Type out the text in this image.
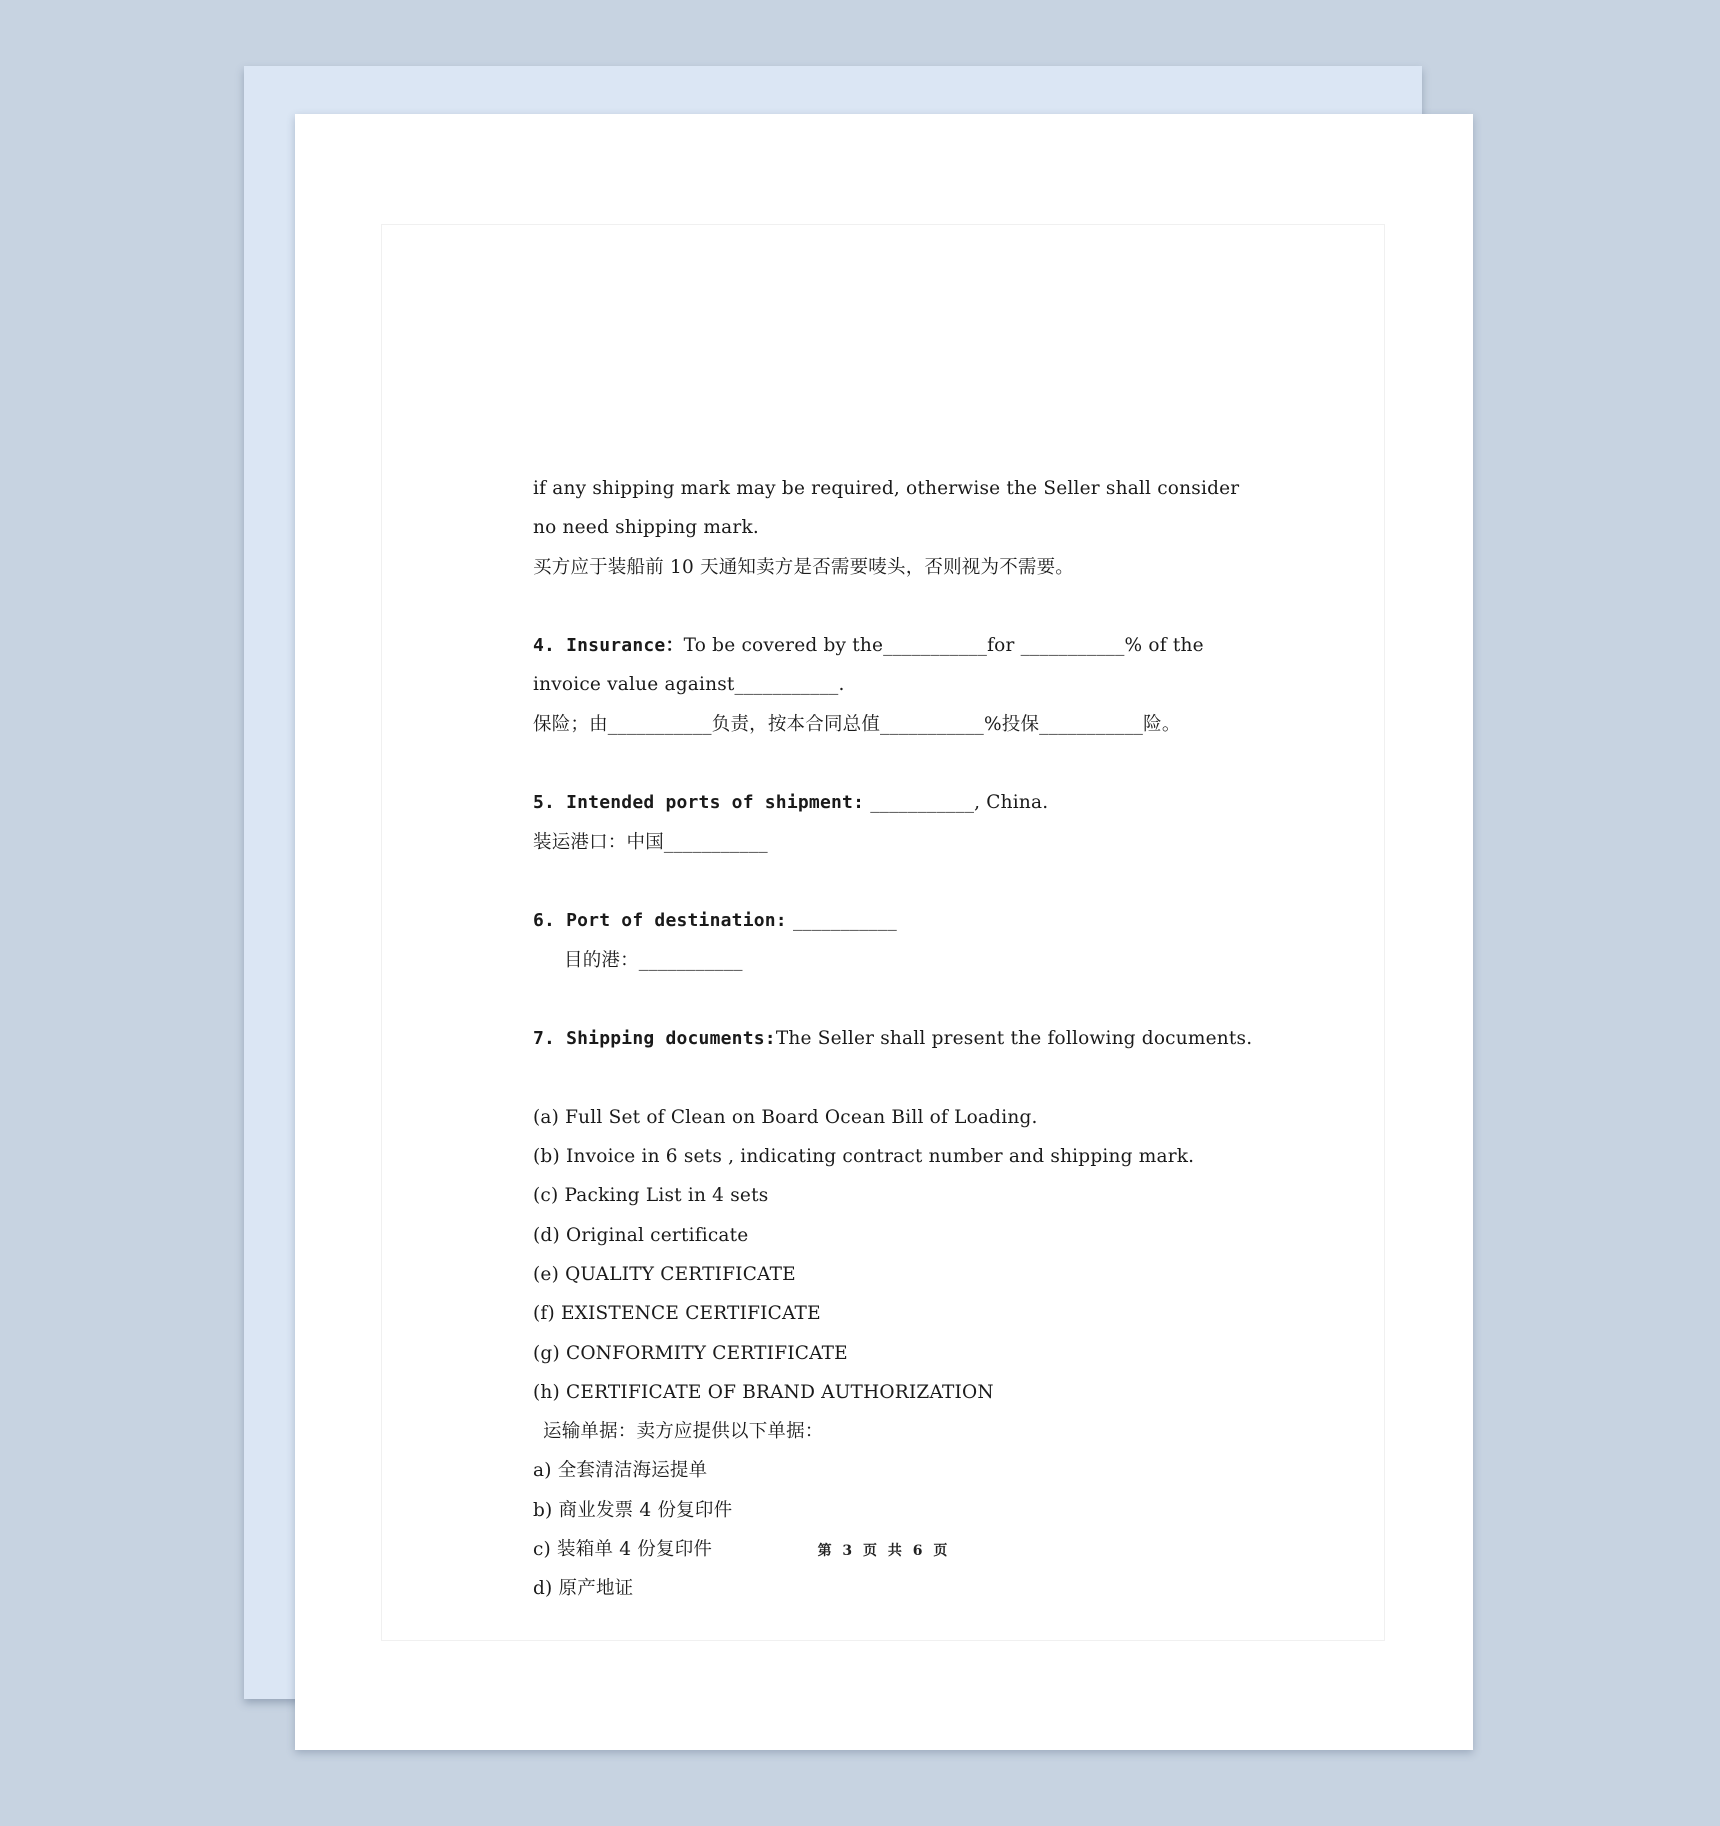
if any shipping mark may be required, otherwise the Seller shall consider

no need shipping mark.

买方应于装船前 10 天通知卖方是否需要唛头，否则视为不需要。

4. Insurance：To be covered by the___________for ___________% of the

invoice value against___________.

保险；由___________负责，按本合同总值___________%投保___________险。

5. Intended ports of shipment: ___________, China.

装运港口：中国___________

6. Port of destination: ___________

目的港：___________

7. Shipping documents:The Seller shall present the following documents.

(a) Full Set of Clean on Board Ocean Bill of Loading.

(b) Invoice in 6 sets , indicating contract number and shipping mark.

(c) Packing List in 4 sets

(d) Original certificate

(e) QUALITY CERTIFICATE

(f) EXISTENCE CERTIFICATE

(g) CONFORMITY CERTIFICATE

(h) CERTIFICATE OF BRAND AUTHORIZATION

运输单据：卖方应提供以下单据：

a) 全套清洁海运提单

b) 商业发票 4 份复印件

c) 装箱单 4 份复印件

d) 原产地证

第 3 页 共 6 页
